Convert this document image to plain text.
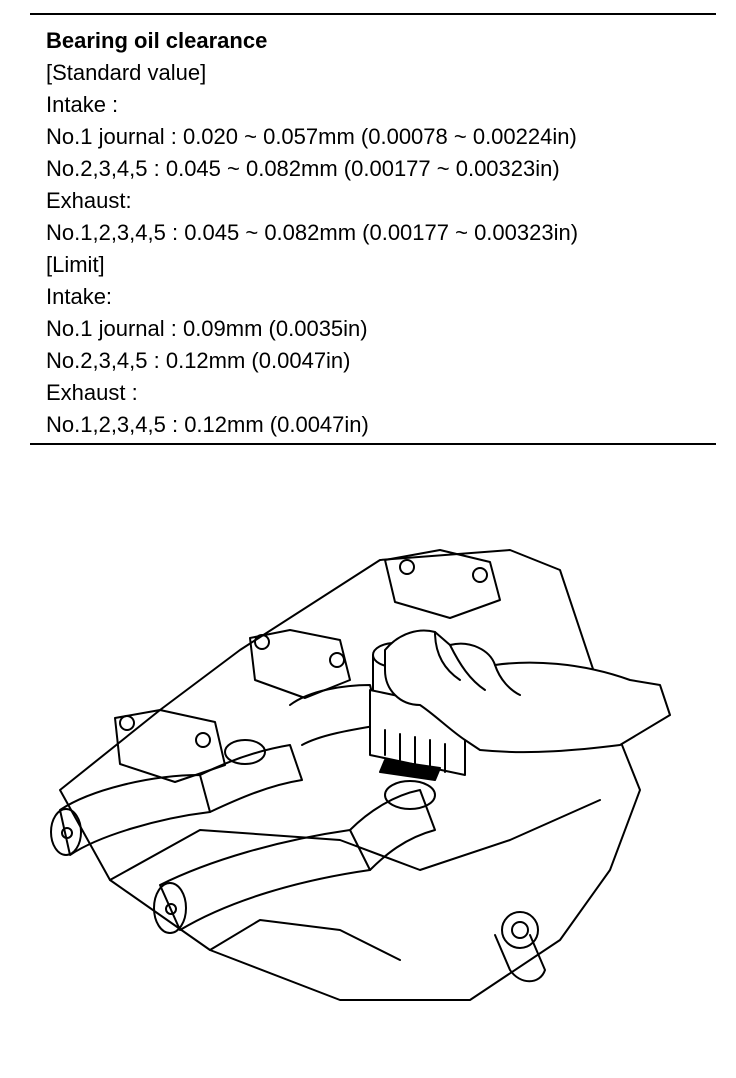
Bearing oil clearance
[Standard value]
Intake :
No.1 journal : 0.020 ~ 0.057mm (0.00078 ~ 0.00224in)
No.2,3,4,5 : 0.045 ~ 0.082mm (0.00177 ~ 0.00323in)
Exhaust:
No.1,2,3,4,5 : 0.045 ~ 0.082mm (0.00177 ~ 0.00323in)
[Limit]
Intake:
No.1 journal : 0.09mm (0.0035in)
No.2,3,4,5 : 0.12mm (0.0047in)
Exhaust :
No.1,2,3,4,5 : 0.12mm (0.0047in)
